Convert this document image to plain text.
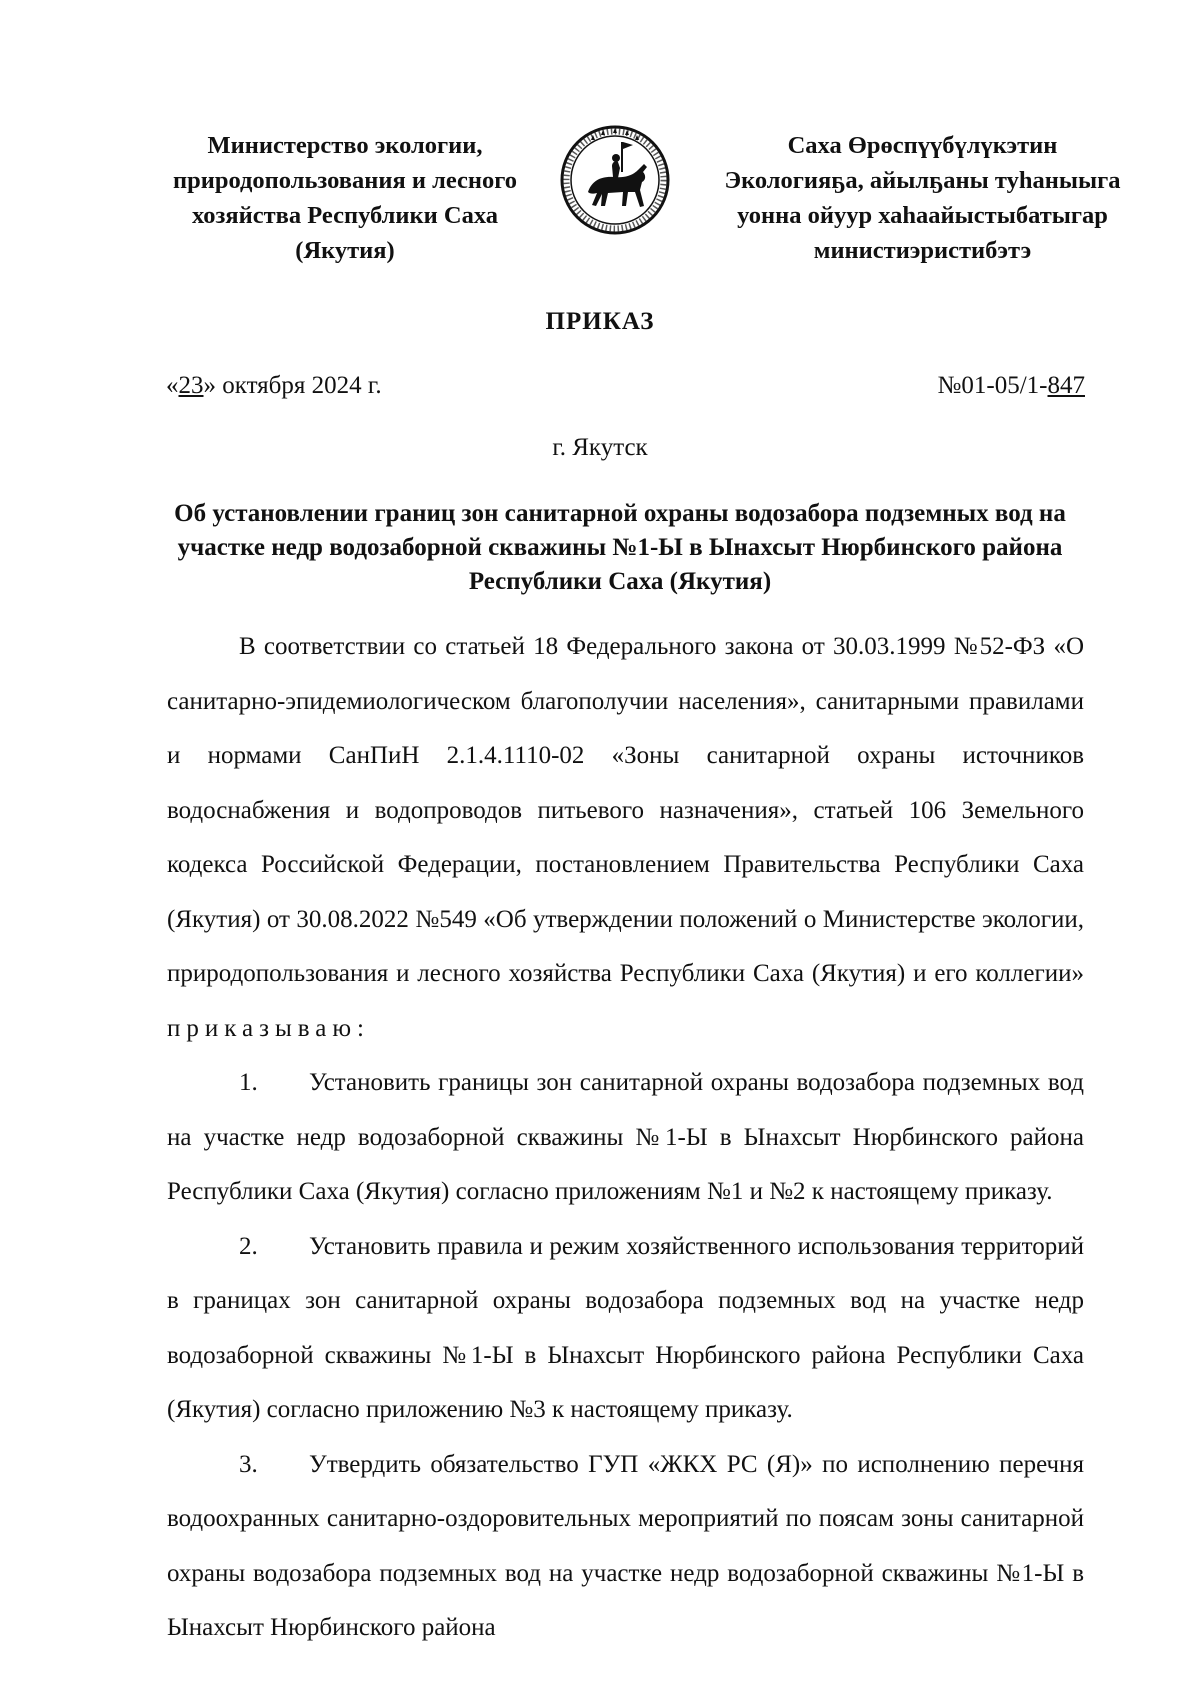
Министерство экологии,
природопользования и лесного
хозяйства Республики Саха
(Якутия)
Саха Өрөспүүбүлүкэтин
Экологияҕа, айылҕаны туһаныыга
уонна ойуур хаһаайыстыбатыгар
министиэристибэтэ
ПРИКАЗ
«23» октября 2024 г.	№01-05/1-847
г. Якутск
Об установлении границ зон санитарной охраны водозабора подземных вод на участке недр водозаборной скважины №1-Ы в Ынахсыт Нюрбинского района Республики Саха (Якутия)

В соответствии со статьей 18 Федерального закона от 30.03.1999 №52-ФЗ «О санитарно-эпидемиологическом благополучии населения», санитарными правилами и нормами СанПиН 2.1.4.1110-02 «Зоны санитарной охраны источников водоснабжения и водопроводов питьевого назначения», статьей 106 Земельного кодекса Российской Федерации, постановлением Правительства Республики Саха (Якутия) от 30.08.2022 №549 «Об утверждении положений о Министерстве экологии, природопользования и лесного хозяйства Республики Саха (Якутия) и его коллегии» приказываю:

1. Установить границы зон санитарной охраны водозабора подземных вод на участке недр водозаборной скважины №1-Ы в Ынахсыт Нюрбинского района Республики Саха (Якутия) согласно приложениям №1 и №2 к настоящему приказу.

2. Установить правила и режим хозяйственного использования территорий в границах зон санитарной охраны водозабора подземных вод на участке недр водозаборной скважины №1-Ы в Ынахсыт Нюрбинского района Республики Саха (Якутия) согласно приложению №3 к настоящему приказу.

3. Утвердить обязательство ГУП «ЖКХ РС (Я)» по исполнению перечня водоохранных санитарно-оздоровительных мероприятий по поясам зоны санитарной охраны водозабора подземных вод на участке недр водозаборной скважины №1-Ы в Ынахсыт Нюрбинского района
